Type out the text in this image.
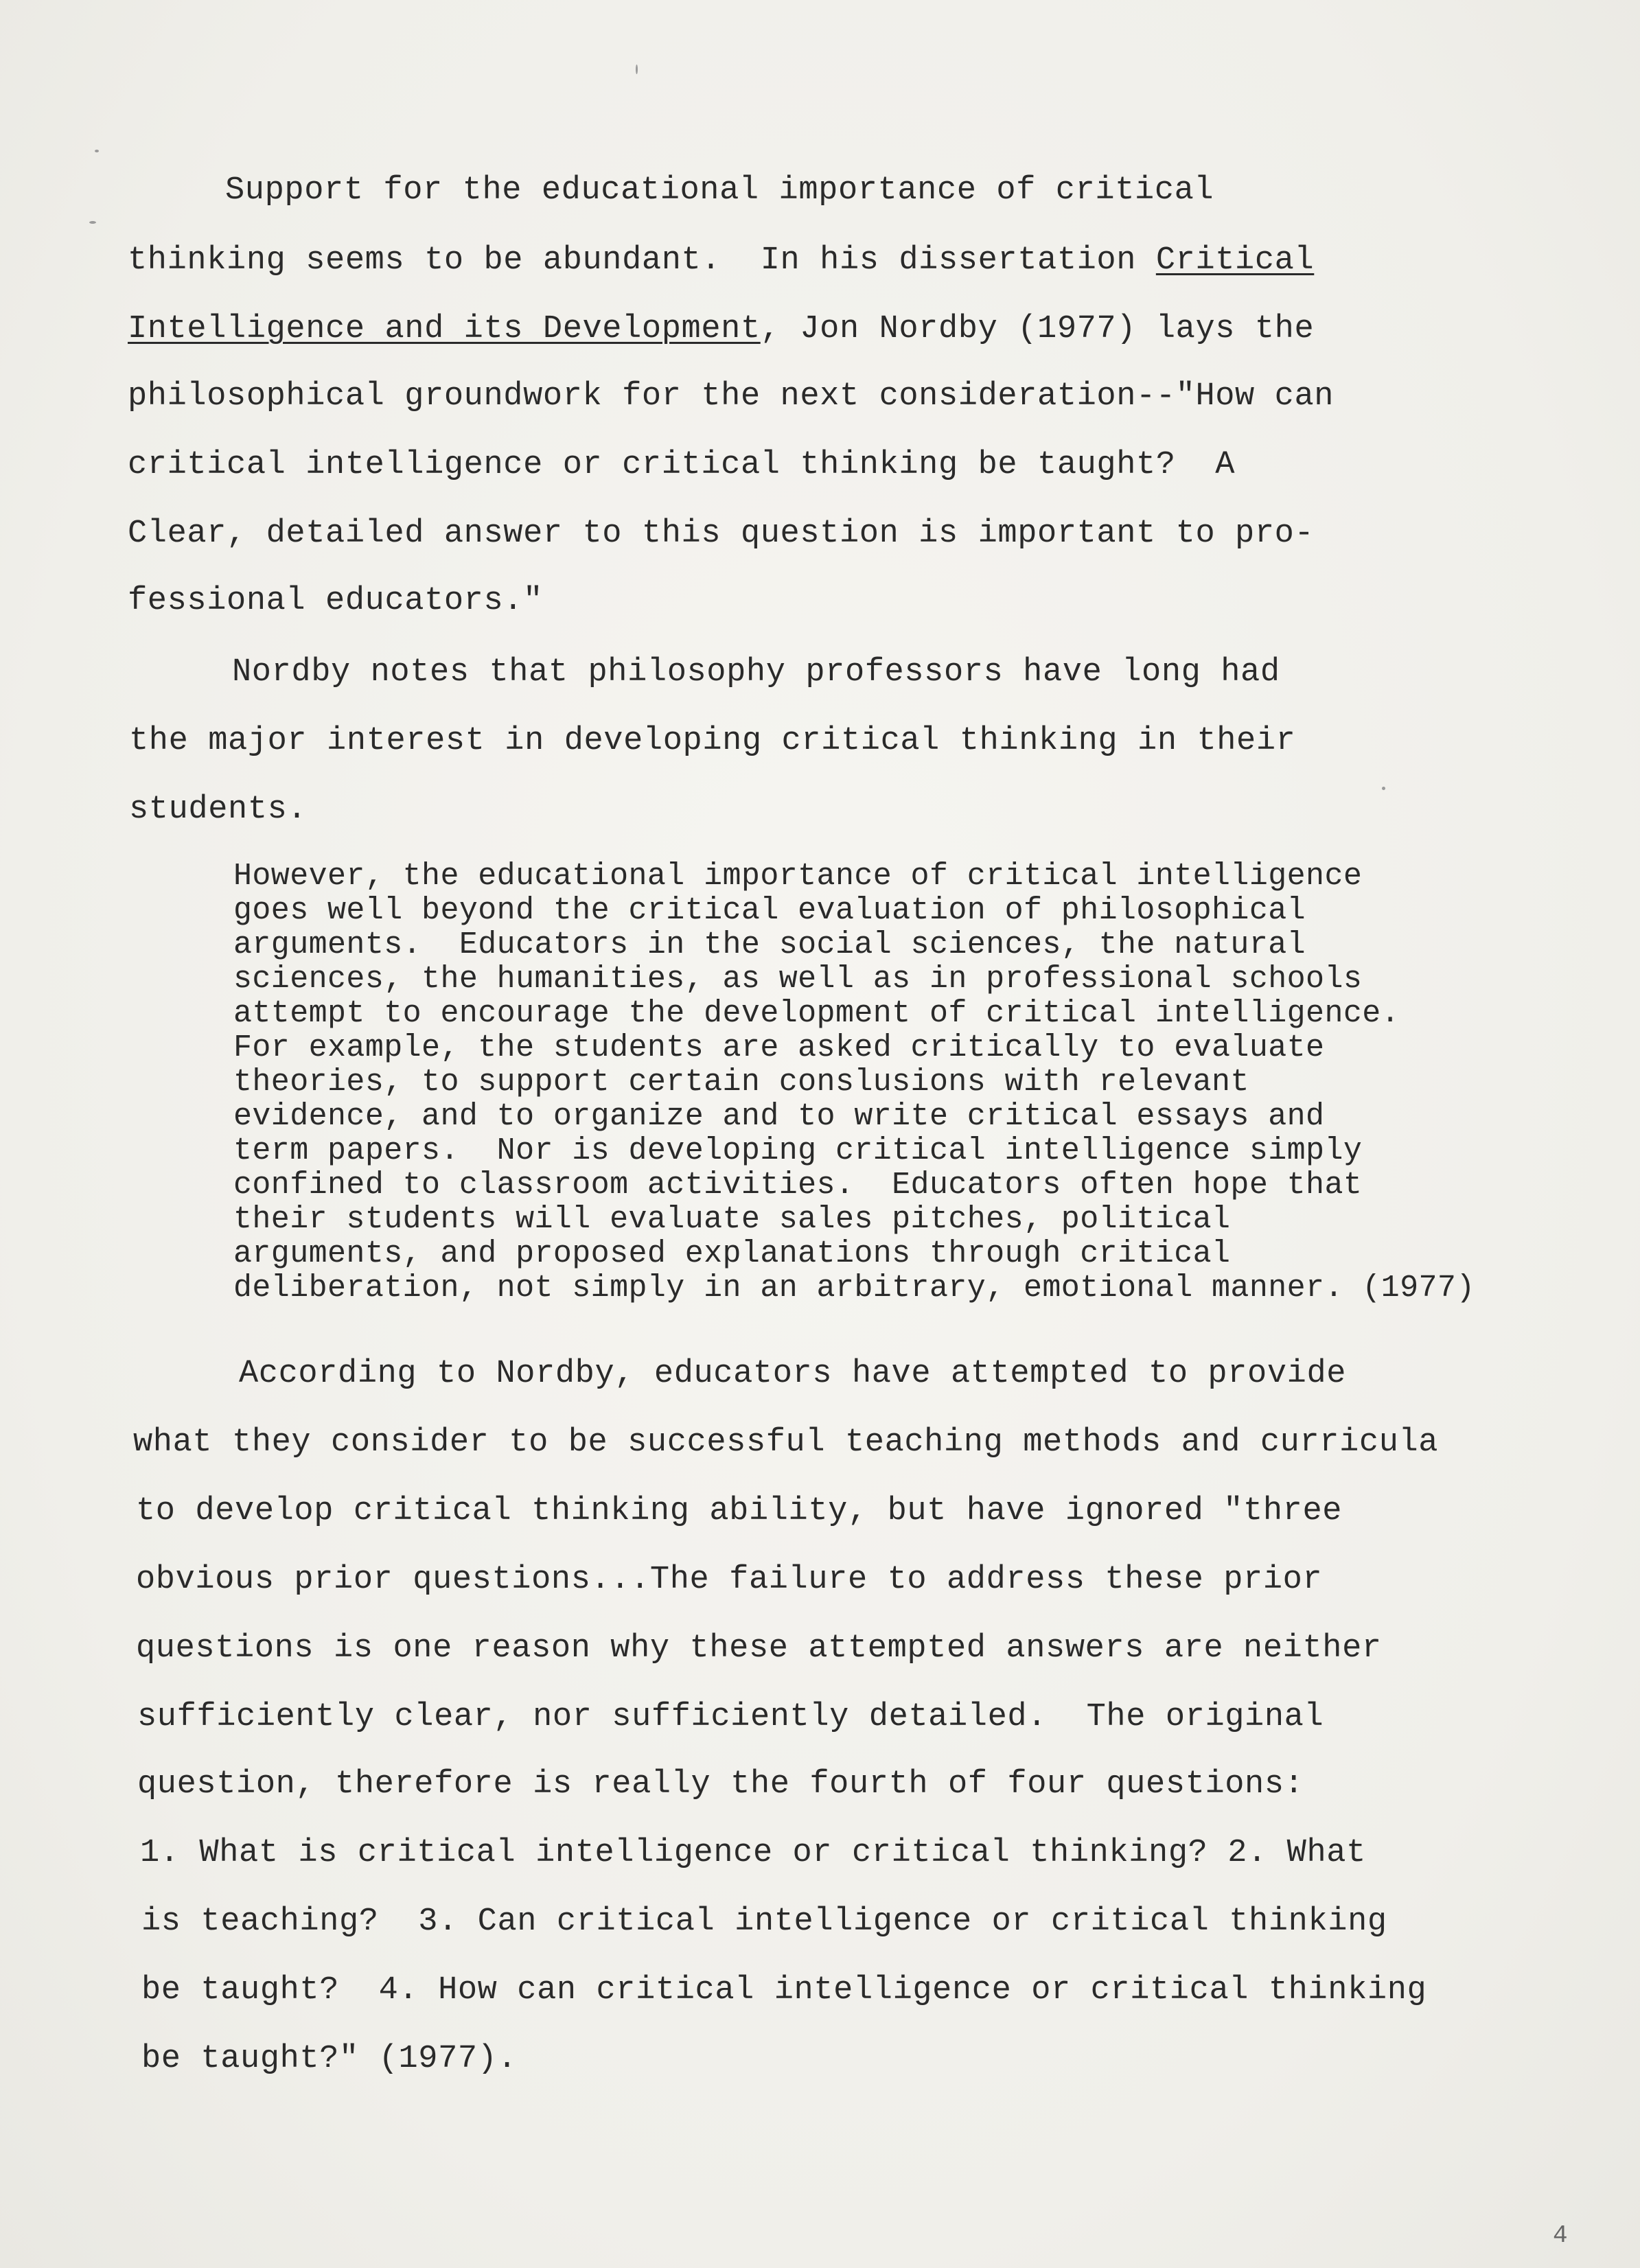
Support for the educational importance of critical
thinking seems to be abundant.  In his dissertation Critical
Intelligence and its Development, Jon Nordby (1977) lays the
philosophical groundwork for the next consideration--"How can
critical intelligence or critical thinking be taught?  A
Clear, detailed answer to this question is important to pro-
fessional educators."
Nordby notes that philosophy professors have long had
the major interest in developing critical thinking in their
students.
However, the educational importance of critical intelligence
goes well beyond the critical evaluation of philosophical
arguments.  Educators in the social sciences, the natural
sciences, the humanities, as well as in professional schools
attempt to encourage the development of critical intelligence.
For example, the students are asked critically to evaluate
theories, to support certain conslusions with relevant
evidence, and to organize and to write critical essays and
term papers.  Nor is developing critical intelligence simply
confined to classroom activities.  Educators often hope that
their students will evaluate sales pitches, political
arguments, and proposed explanations through critical
deliberation, not simply in an arbitrary, emotional manner. (1977)
According to Nordby, educators have attempted to provide
what they consider to be successful teaching methods and curricula
to develop critical thinking ability, but have ignored "three
obvious prior questions...The failure to address these prior
questions is one reason why these attempted answers are neither
sufficiently clear, nor sufficiently detailed.  The original
question, therefore is really the fourth of four questions:
1. What is critical intelligence or critical thinking? 2. What
is teaching?  3. Can critical intelligence or critical thinking
be taught?  4. How can critical intelligence or critical thinking
be taught?" (1977).
4
